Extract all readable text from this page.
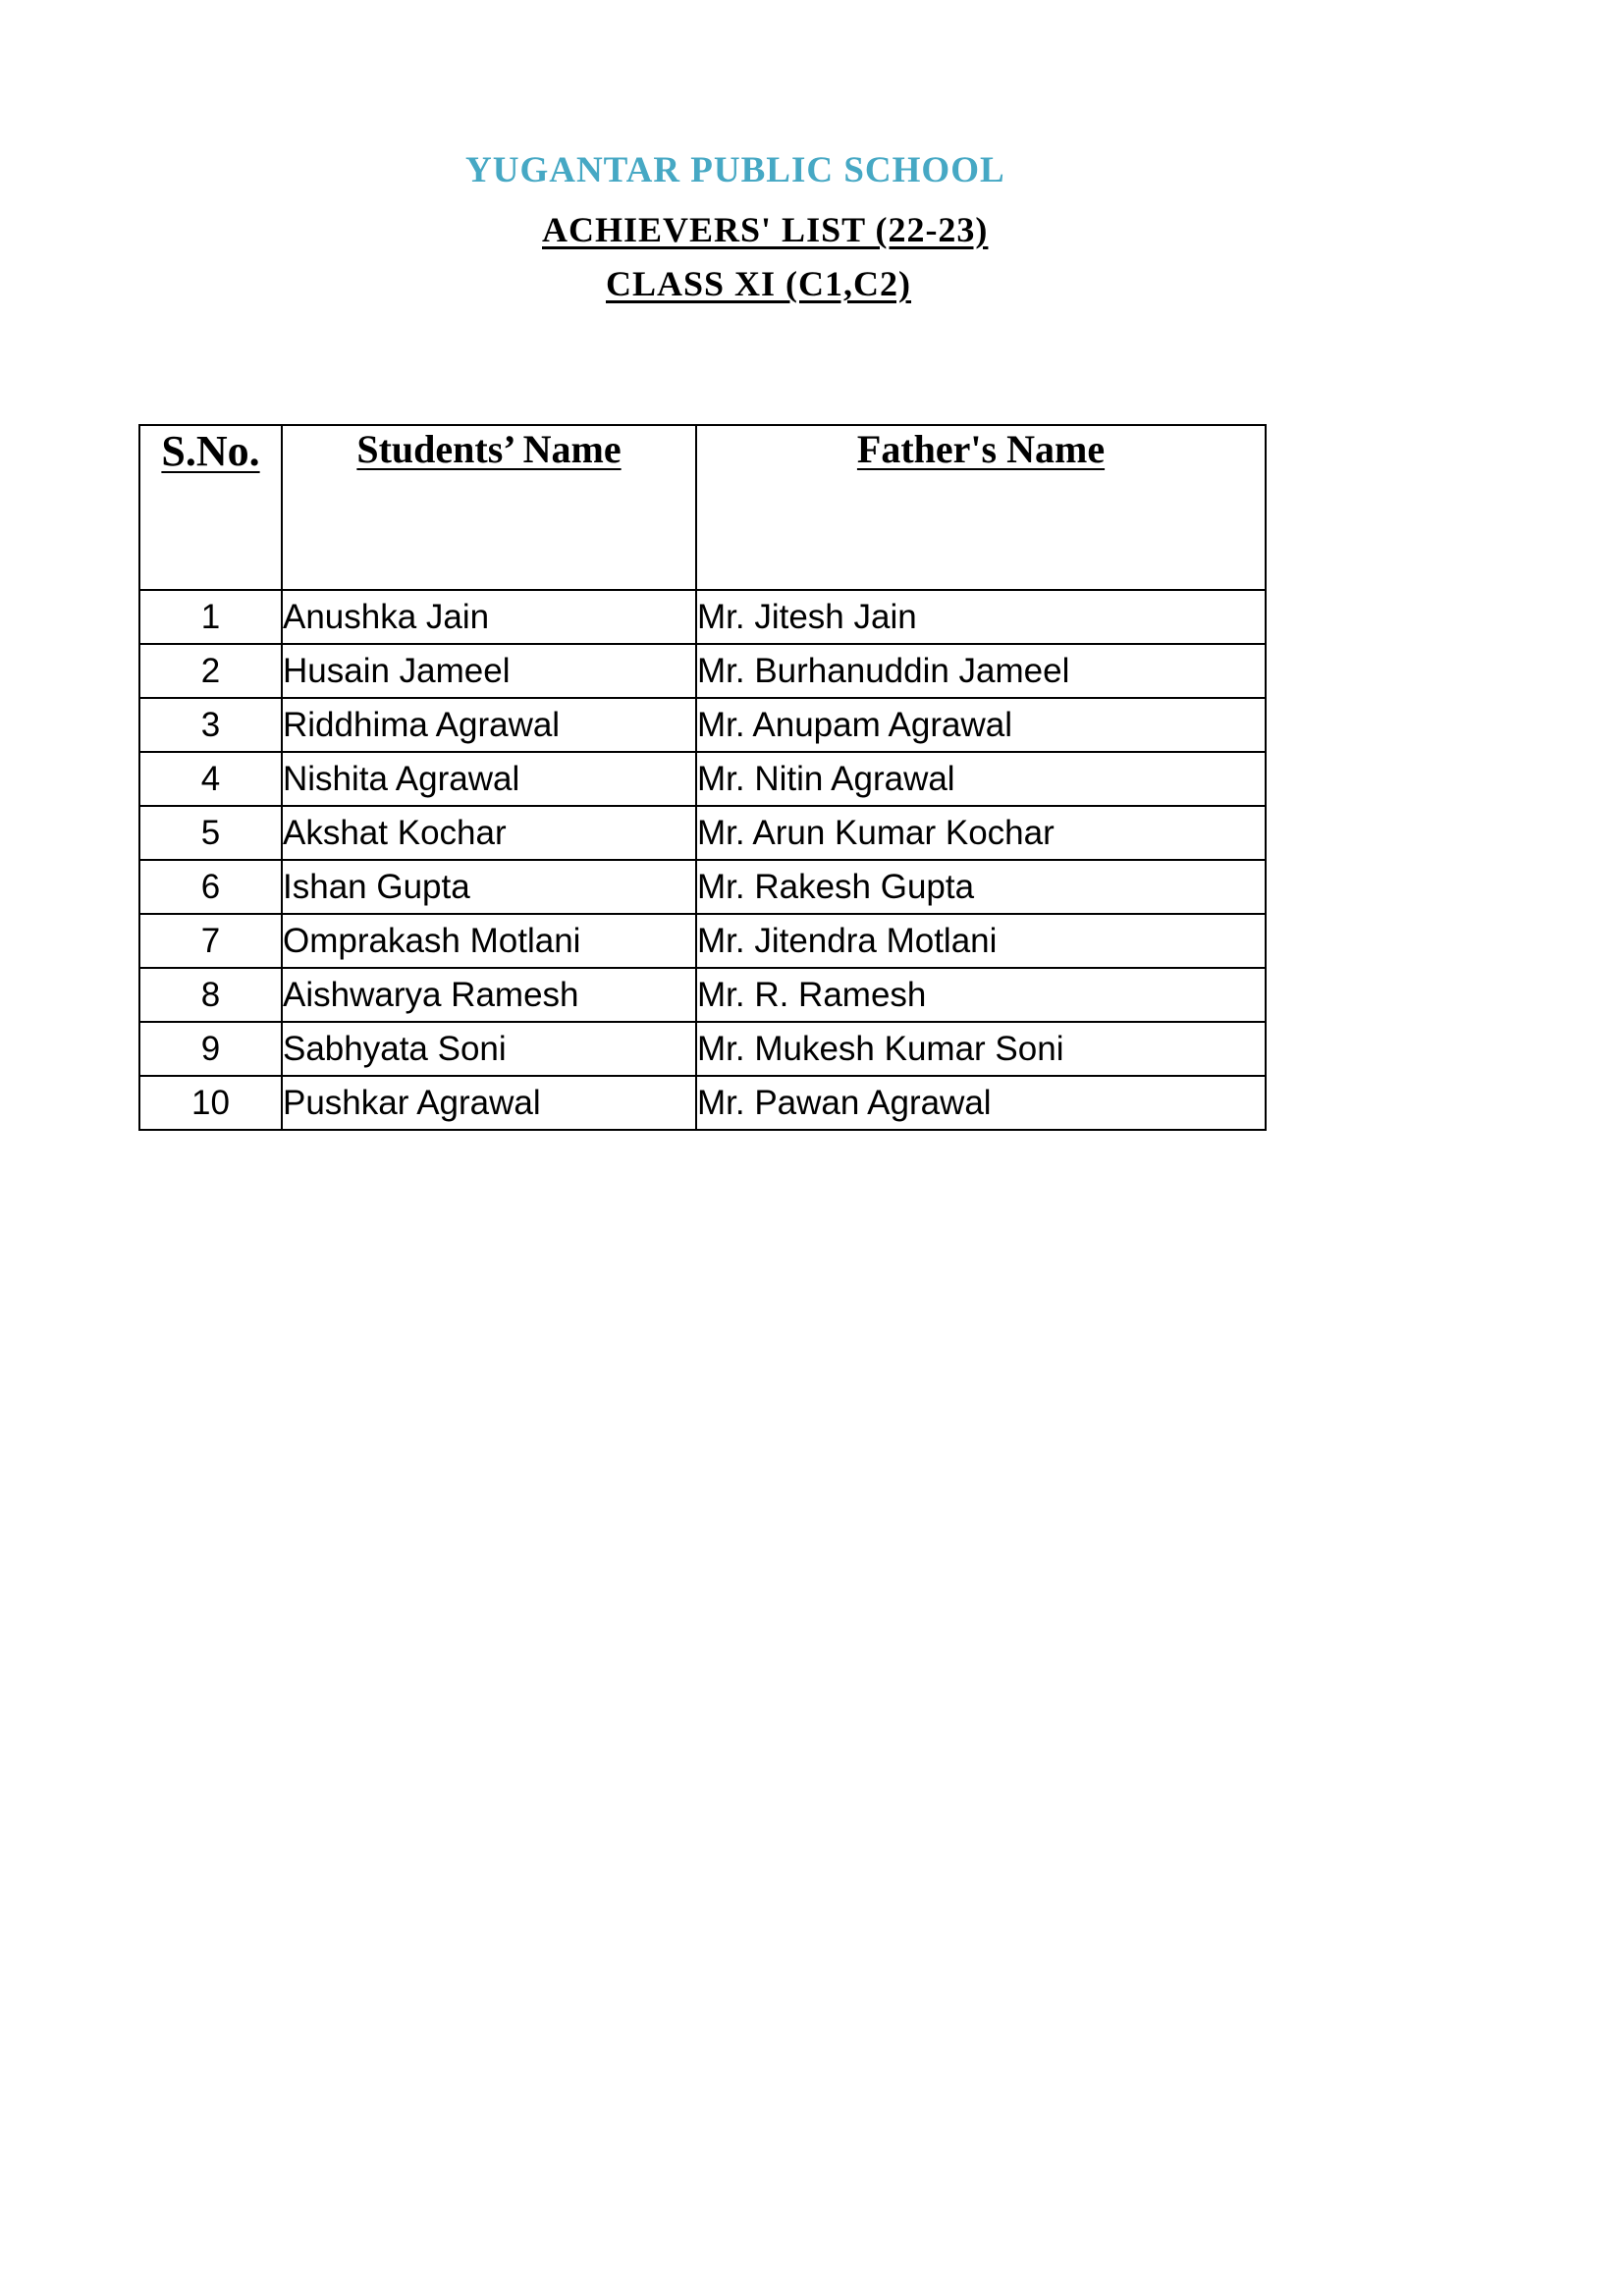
YUGANTAR PUBLIC SCHOOL
ACHIEVERS' LIST (22-23)
CLASS XI (C1,C2)
S.No.	Students’ Name	Father's Name
1	Anushka Jain	Mr. Jitesh Jain
2	Husain Jameel	Mr. Burhanuddin Jameel
3	Riddhima Agrawal	Mr. Anupam Agrawal
4	Nishita Agrawal	Mr. Nitin Agrawal
5	Akshat Kochar	Mr. Arun Kumar Kochar
6	Ishan Gupta	Mr. Rakesh Gupta
7	Omprakash Motlani	Mr. Jitendra Motlani
8	Aishwarya Ramesh	Mr. R. Ramesh
9	Sabhyata Soni	Mr. Mukesh Kumar Soni
10	Pushkar Agrawal	Mr. Pawan Agrawal
